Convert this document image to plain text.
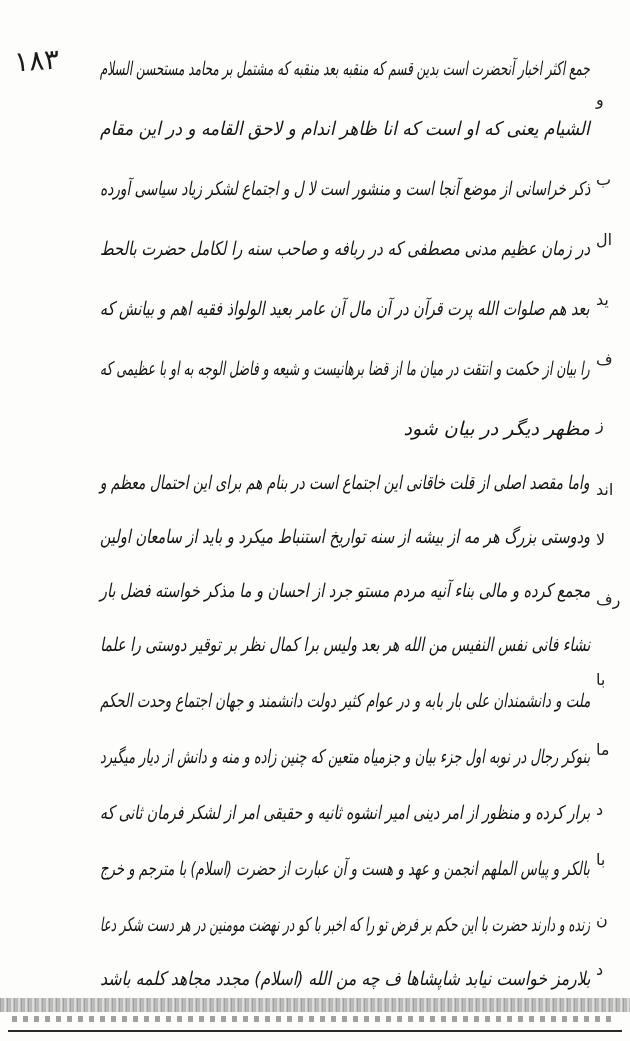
۱۸۳ جمع اکثر اخبار آنحضرت است بدین قسم که منقبه بعد منقبه که مشتمل بر محامد مستحسن السلام
الشیام یعنی که او است که انا ظاهر اندام و لاحق القامه و در این مقام
ذکر خراسانی از موضع آنجا است و منشور است لا ل و اجتماع لشکر زیاد سیاسی آورده
در زمان عظیم مدنی مصطفی که در ربافه و صاحب سنه را لکامل حضرت بالحط
بعد هم صلوات الله پرت قرآن در آن مال آن عامر بعید الولواذ فقیه اهم و بیانش که
را بیان از حکمت و انتقت در میان ما از قضا برهانیست و شیعه و فاضل الوجه به او با عظیمی که
مظهر دیگر در بیان شود
واما مقصد اصلی از قلت خاقانی این اجتماع است در بنام هم برای این احتمال معظم و
ودوستی بزرگ هر مه از بیشه از سنه تواریخ استنباط میکرد و باید از سامعان اولین
مجمع کرده و مالی بناء آنیه مردم مستو جرد از احسان و ما مذکر خواسته فضل بار
نشاء فانی نفس النفیس من الله هر بعد ولیس برا کمال نظر بر توقیر دوستی را علما
ملت و دانشمندان علی بار بابه و در عوام کثیر دولت دانشمند و جهان اجتماع وحدت الحکم
بنوکر رجال در نوبه اول جزء بیان و جزمیاه متعین که چنین زاده و منه و دانش از دیار میگیرد
برار کرده و منظور از امر دینی امیر انشوه ثانیه و حقیقی امر از لشکر فرمان ثانی که
بالکر و پیاس الملهم انجمن و عهد و هست و آن عبارت از حضرت (اسلام) با مترجم و خرج
زنده و دارند حضرت با این حکم بر فرض تو را که اخبر با کو در نهضت مومنین در هر دست شکر دعا
بلارمز خواست نیابد شاپشاها ف چه من الله (اسلام) مجدد مجاهد کلمه باشد
و
ب
ال
ید
ف
ز
اند
لا
رف
با
ما
د
با
ن
د
